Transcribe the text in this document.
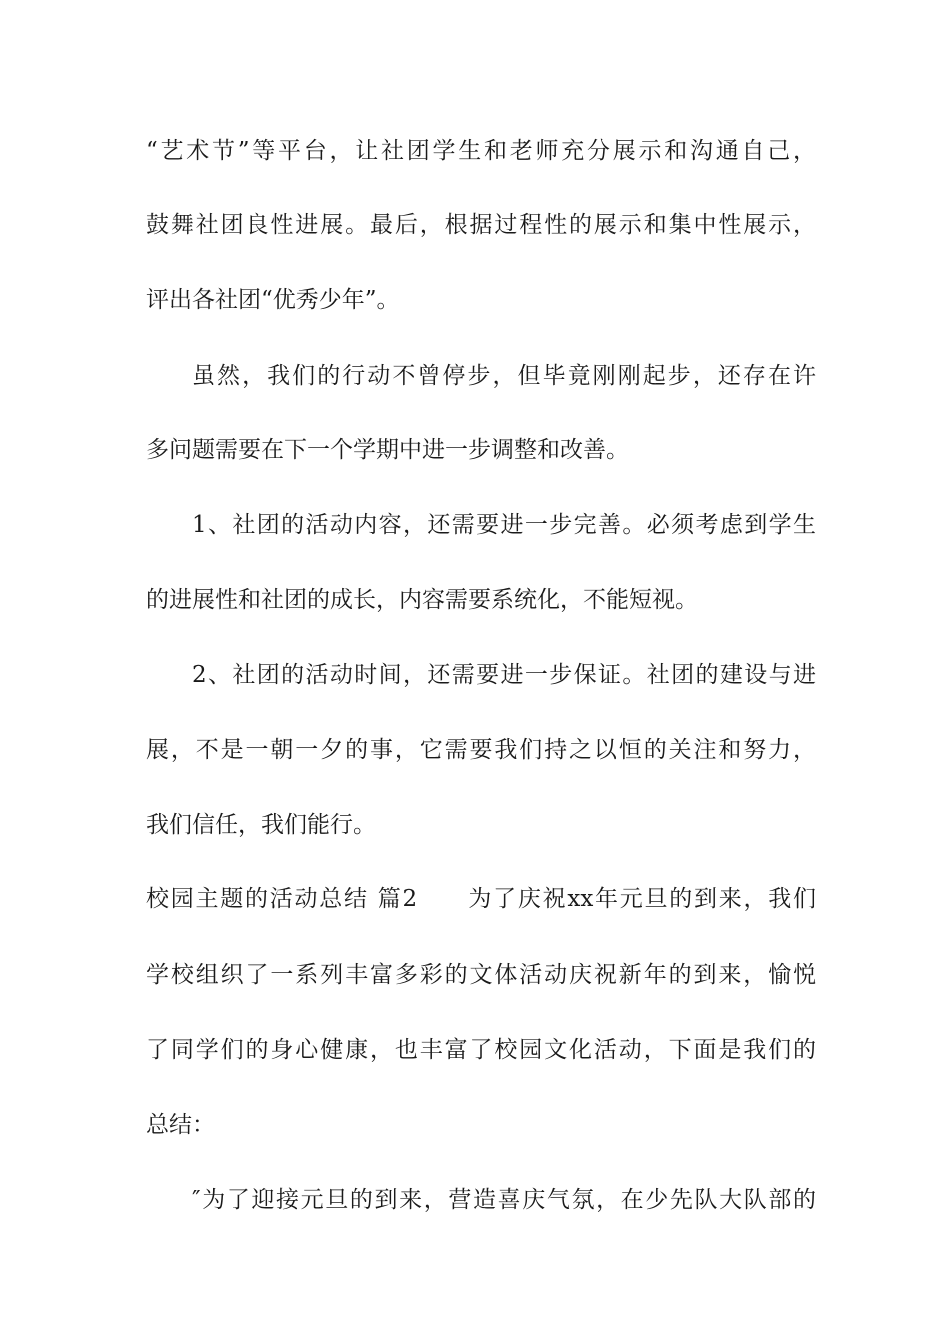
“艺术节”等平台，让社团学生和老师充分展示和沟通自己，
鼓舞社团良性进展。最后，根据过程性的展示和集中性展示，
评出各社团“优秀少年”。
虽然，我们的行动不曾停步，但毕竟刚刚起步，还存在许
多问题需要在下一个学期中进一步调整和改善。
1、社团的活动内容，还需要进一步完善。必须考虑到学生
的进展性和社团的成长，内容需要系统化，不能短视。
2、社团的活动时间，还需要进一步保证。社团的建设与进
展，不是一朝一夕的事，它需要我们持之以恒的关注和努力，
我们信任，我们能行。
校园主题的活动总结 篇2　　为了庆祝xx年元旦的到来，我们
学校组织了一系列丰富多彩的文体活动庆祝新年的到来，愉悦
了同学们的身心健康，也丰富了校园文化活动，下面是我们的
总结：
″为了迎接元旦的到来，营造喜庆气氛，在少先队大队部的
